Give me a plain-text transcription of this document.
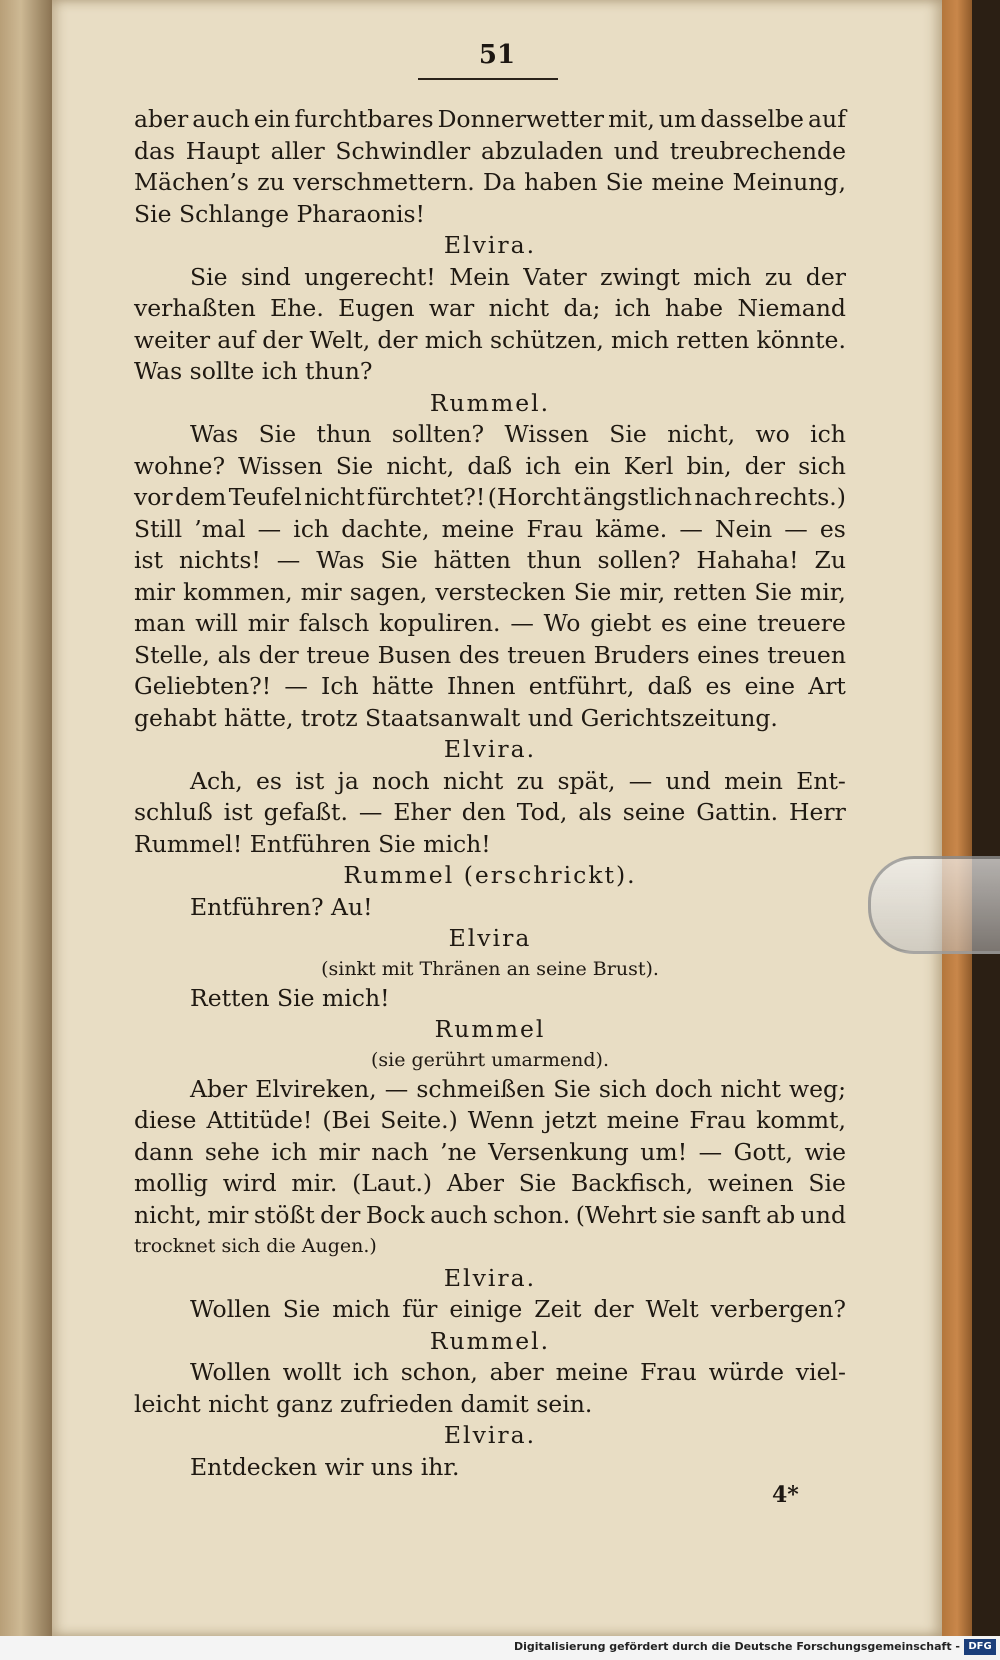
51
aber auch ein furchtbares Donnerwetter mit, um dasselbe auf
das Haupt aller Schwindler abzuladen und treubrechende
Mächen’s zu verschmettern. Da haben Sie meine Meinung,
Sie Schlange Pharaonis!
Elvira.
Sie sind ungerecht! Mein Vater zwingt mich zu der
verhaßten Ehe. Eugen war nicht da; ich habe Niemand
weiter auf der Welt, der mich schützen, mich retten könnte.
Was sollte ich thun?
Rummel.
Was Sie thun sollten? Wissen Sie nicht, wo ich
wohne? Wissen Sie nicht, daß ich ein Kerl bin, der sich
vor dem Teufel nicht fürchtet?! (Horcht ängstlich nach rechts.)
Still ’mal — ich dachte, meine Frau käme. — Nein — es
ist nichts! — Was Sie hätten thun sollen? Hahaha! Zu
mir kommen, mir sagen, verstecken Sie mir, retten Sie mir,
man will mir falsch kopuliren. — Wo giebt es eine treuere
Stelle, als der treue Busen des treuen Bruders eines treuen
Geliebten?! — Ich hätte Ihnen entführt, daß es eine Art
gehabt hätte, trotz Staatsanwalt und Gerichtszeitung.
Elvira.
Ach, es ist ja noch nicht zu spät, — und mein Ent-
schluß ist gefaßt. — Eher den Tod, als seine Gattin. Herr
Rummel! Entführen Sie mich!
Rummel (erschrickt).
Entführen? Au!
Elvira
(sinkt mit Thränen an seine Brust).
Retten Sie mich!
Rummel
(sie gerührt umarmend).
Aber Elvireken, — schmeißen Sie sich doch nicht weg;
diese Attitüde! (Bei Seite.) Wenn jetzt meine Frau kommt,
dann sehe ich mir nach ’ne Versenkung um! — Gott, wie
mollig wird mir. (Laut.) Aber Sie Backfisch, weinen Sie
nicht, mir stößt der Bock auch schon. (Wehrt sie sanft ab und
trocknet sich die Augen.)
Elvira.
Wollen Sie mich für einige Zeit der Welt verbergen?
Rummel.
Wollen wollt ich schon, aber meine Frau würde viel-
leicht nicht ganz zufrieden damit sein.
Elvira.
Entdecken wir uns ihr.
4*
Digitalisierung gefördert durch die Deutsche Forschungsgemeinschaft - DFG
